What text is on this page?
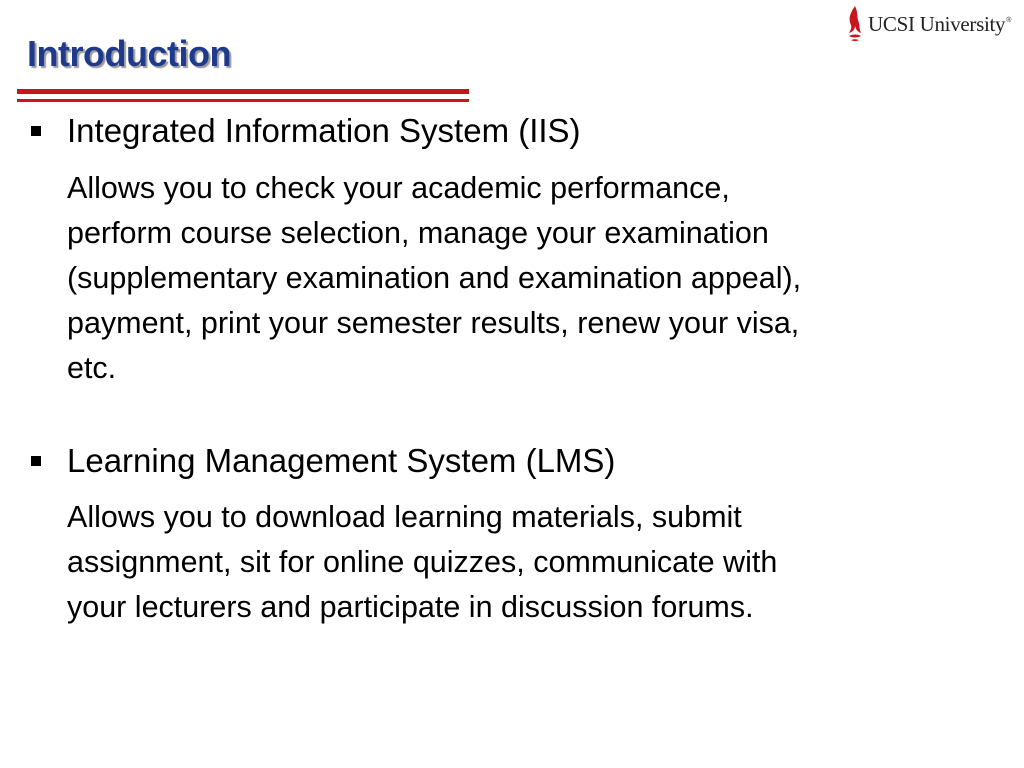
Introduction
UCSI University ®
Integrated Information System (IIS)
Allows you to check your academic performance,
perform course selection, manage your examination
(supplementary examination and examination appeal),
payment, print your semester results, renew your visa,
etc.
Learning Management System (LMS)
Allows you to download learning materials, submit
assignment, sit for online quizzes, communicate with
your lecturers and participate in discussion forums.
